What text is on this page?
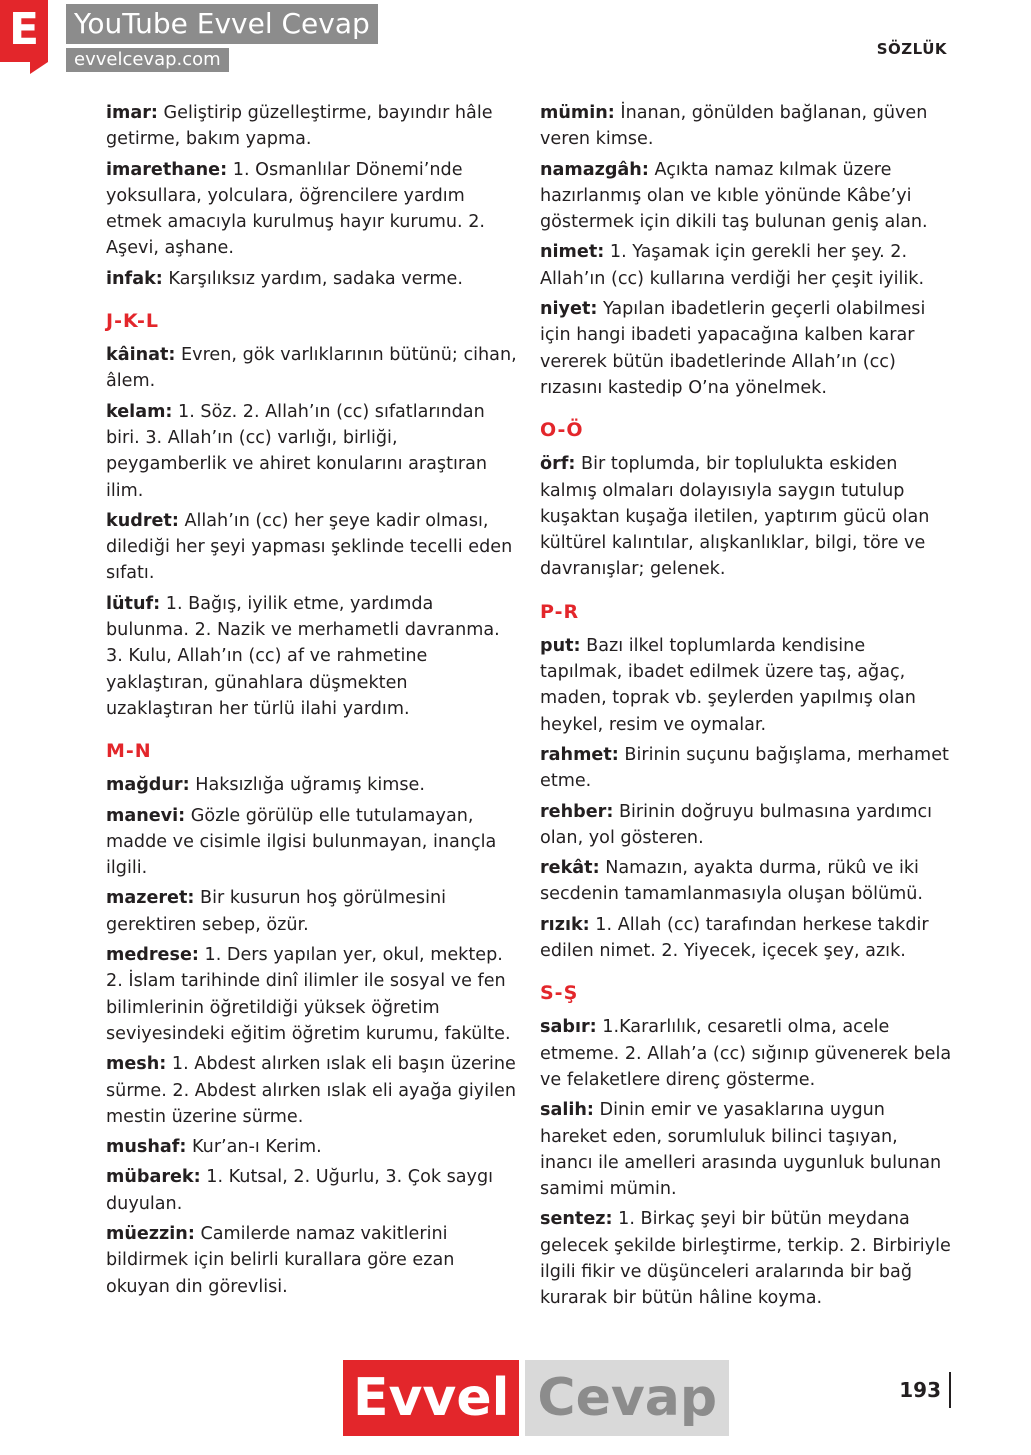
E	YouTube Evvel Cevap
evvelcevap.com	SÖZLÜK

imar: Geliştirip güzelleştirme, bayındır hâle getirme, bakım yapma.

imarethane: 1. Osmanlılar Dönemi’nde yoksullara, yolculara, öğrencilere yardım etmek amacıyla kurulmuş hayır kurumu. 2. Aşevi, aşhane.

infak: Karşılıksız yardım, sadaka verme.

J-K-L

kâinat: Evren, gök varlıklarının bütünü; cihan, âlem.

kelam: 1. Söz. 2. Allah’ın (cc) sıfatlarından biri. 3. Allah’ın (cc) varlığı, birliği, peygamberlik ve ahiret konularını araştıran ilim.

kudret: Allah’ın (cc) her şeye kadir olması, dilediği her şeyi yapması şeklinde tecelli eden sıfatı.

lütuf: 1. Bağış, iyilik etme, yardımda bulunma. 2. Nazik ve merhametli davranma. 3. Kulu, Allah’ın (cc) af ve rahmetine yaklaştıran, günahlara düşmekten uzaklaştıran her türlü ilahi yardım.

M-N

mağdur: Haksızlığa uğramış kimse.

manevi: Gözle görülüp elle tutulamayan, madde ve cisimle ilgisi bulunmayan, inançla ilgili.

mazeret: Bir kusurun hoş görülmesini gerektiren sebep, özür.

medrese: 1. Ders yapılan yer, okul, mektep. 2. İslam tarihinde dinî ilimler ile sosyal ve fen bilimlerinin öğretildiği yüksek öğretim seviyesindeki eğitim öğretim kurumu, fakülte.

mesh: 1. Abdest alırken ıslak eli başın üzerine sürme. 2. Abdest alırken ıslak eli ayağa giyilen mestin üzerine sürme.

mushaf: Kur’an-ı Kerim.

mübarek: 1. Kutsal, 2. Uğurlu, 3. Çok saygı duyulan.

müezzin: Camilerde namaz vakitlerini bildirmek için belirli kurallara göre ezan okuyan din görevlisi.

mümin: İnanan, gönülden bağlanan, güven veren kimse.

namazgâh: Açıkta namaz kılmak üzere hazırlanmış olan ve kıble yönünde Kâbe’yi göstermek için dikili taş bulunan geniş alan.

nimet: 1. Yaşamak için gerekli her şey. 2. Allah’ın (cc) kullarına verdiği her çeşit iyilik.

niyet: Yapılan ibadetlerin geçerli olabilmesi için hangi ibadeti yapacağına kalben karar vererek bütün ibadetlerinde Allah’ın (cc) rızasını kastedip O’na yönelmek.

O-Ö

örf: Bir toplumda, bir toplulukta eskiden kalmış olmaları dolayısıyla saygın tutulup kuşaktan kuşağa iletilen, yaptırım gücü olan kültürel kalıntılar, alışkanlıklar, bilgi, töre ve davranışlar; gelenek.

P-R

put: Bazı ilkel toplumlarda kendisine tapılmak, ibadet edilmek üzere taş, ağaç, maden, toprak vb. şeylerden yapılmış olan heykel, resim ve oymalar.

rahmet: Birinin suçunu bağışlama, merhamet etme.

rehber: Birinin doğruyu bulmasına yardımcı olan, yol gösteren.

rekât: Namazın, ayakta durma, rükû ve iki secdenin tamamlanmasıyla oluşan bölümü.

rızık: 1. Allah (cc) tarafından herkese takdir edilen nimet. 2. Yiyecek, içecek şey, azık.

S-Ş

sabır: 1.Kararlılık, cesaretli olma, acele etmeme. 2. Allah’a (cc) sığınıp güvenerek bela ve felaketlere direnç gösterme.

salih: Dinin emir ve yasaklarına uygun hareket eden, sorumluluk bilinci taşıyan, inancı ile amelleri arasında uygunluk bulunan samimi mümin.

sentez: 1. Birkaç şeyi bir bütün meydana gelecek şekilde birleştirme, terkip. 2. Birbiriyle ilgili fikir ve düşünceleri aralarında bir bağ kurarak bir bütün hâline koyma.

Evvel Cevap	193
